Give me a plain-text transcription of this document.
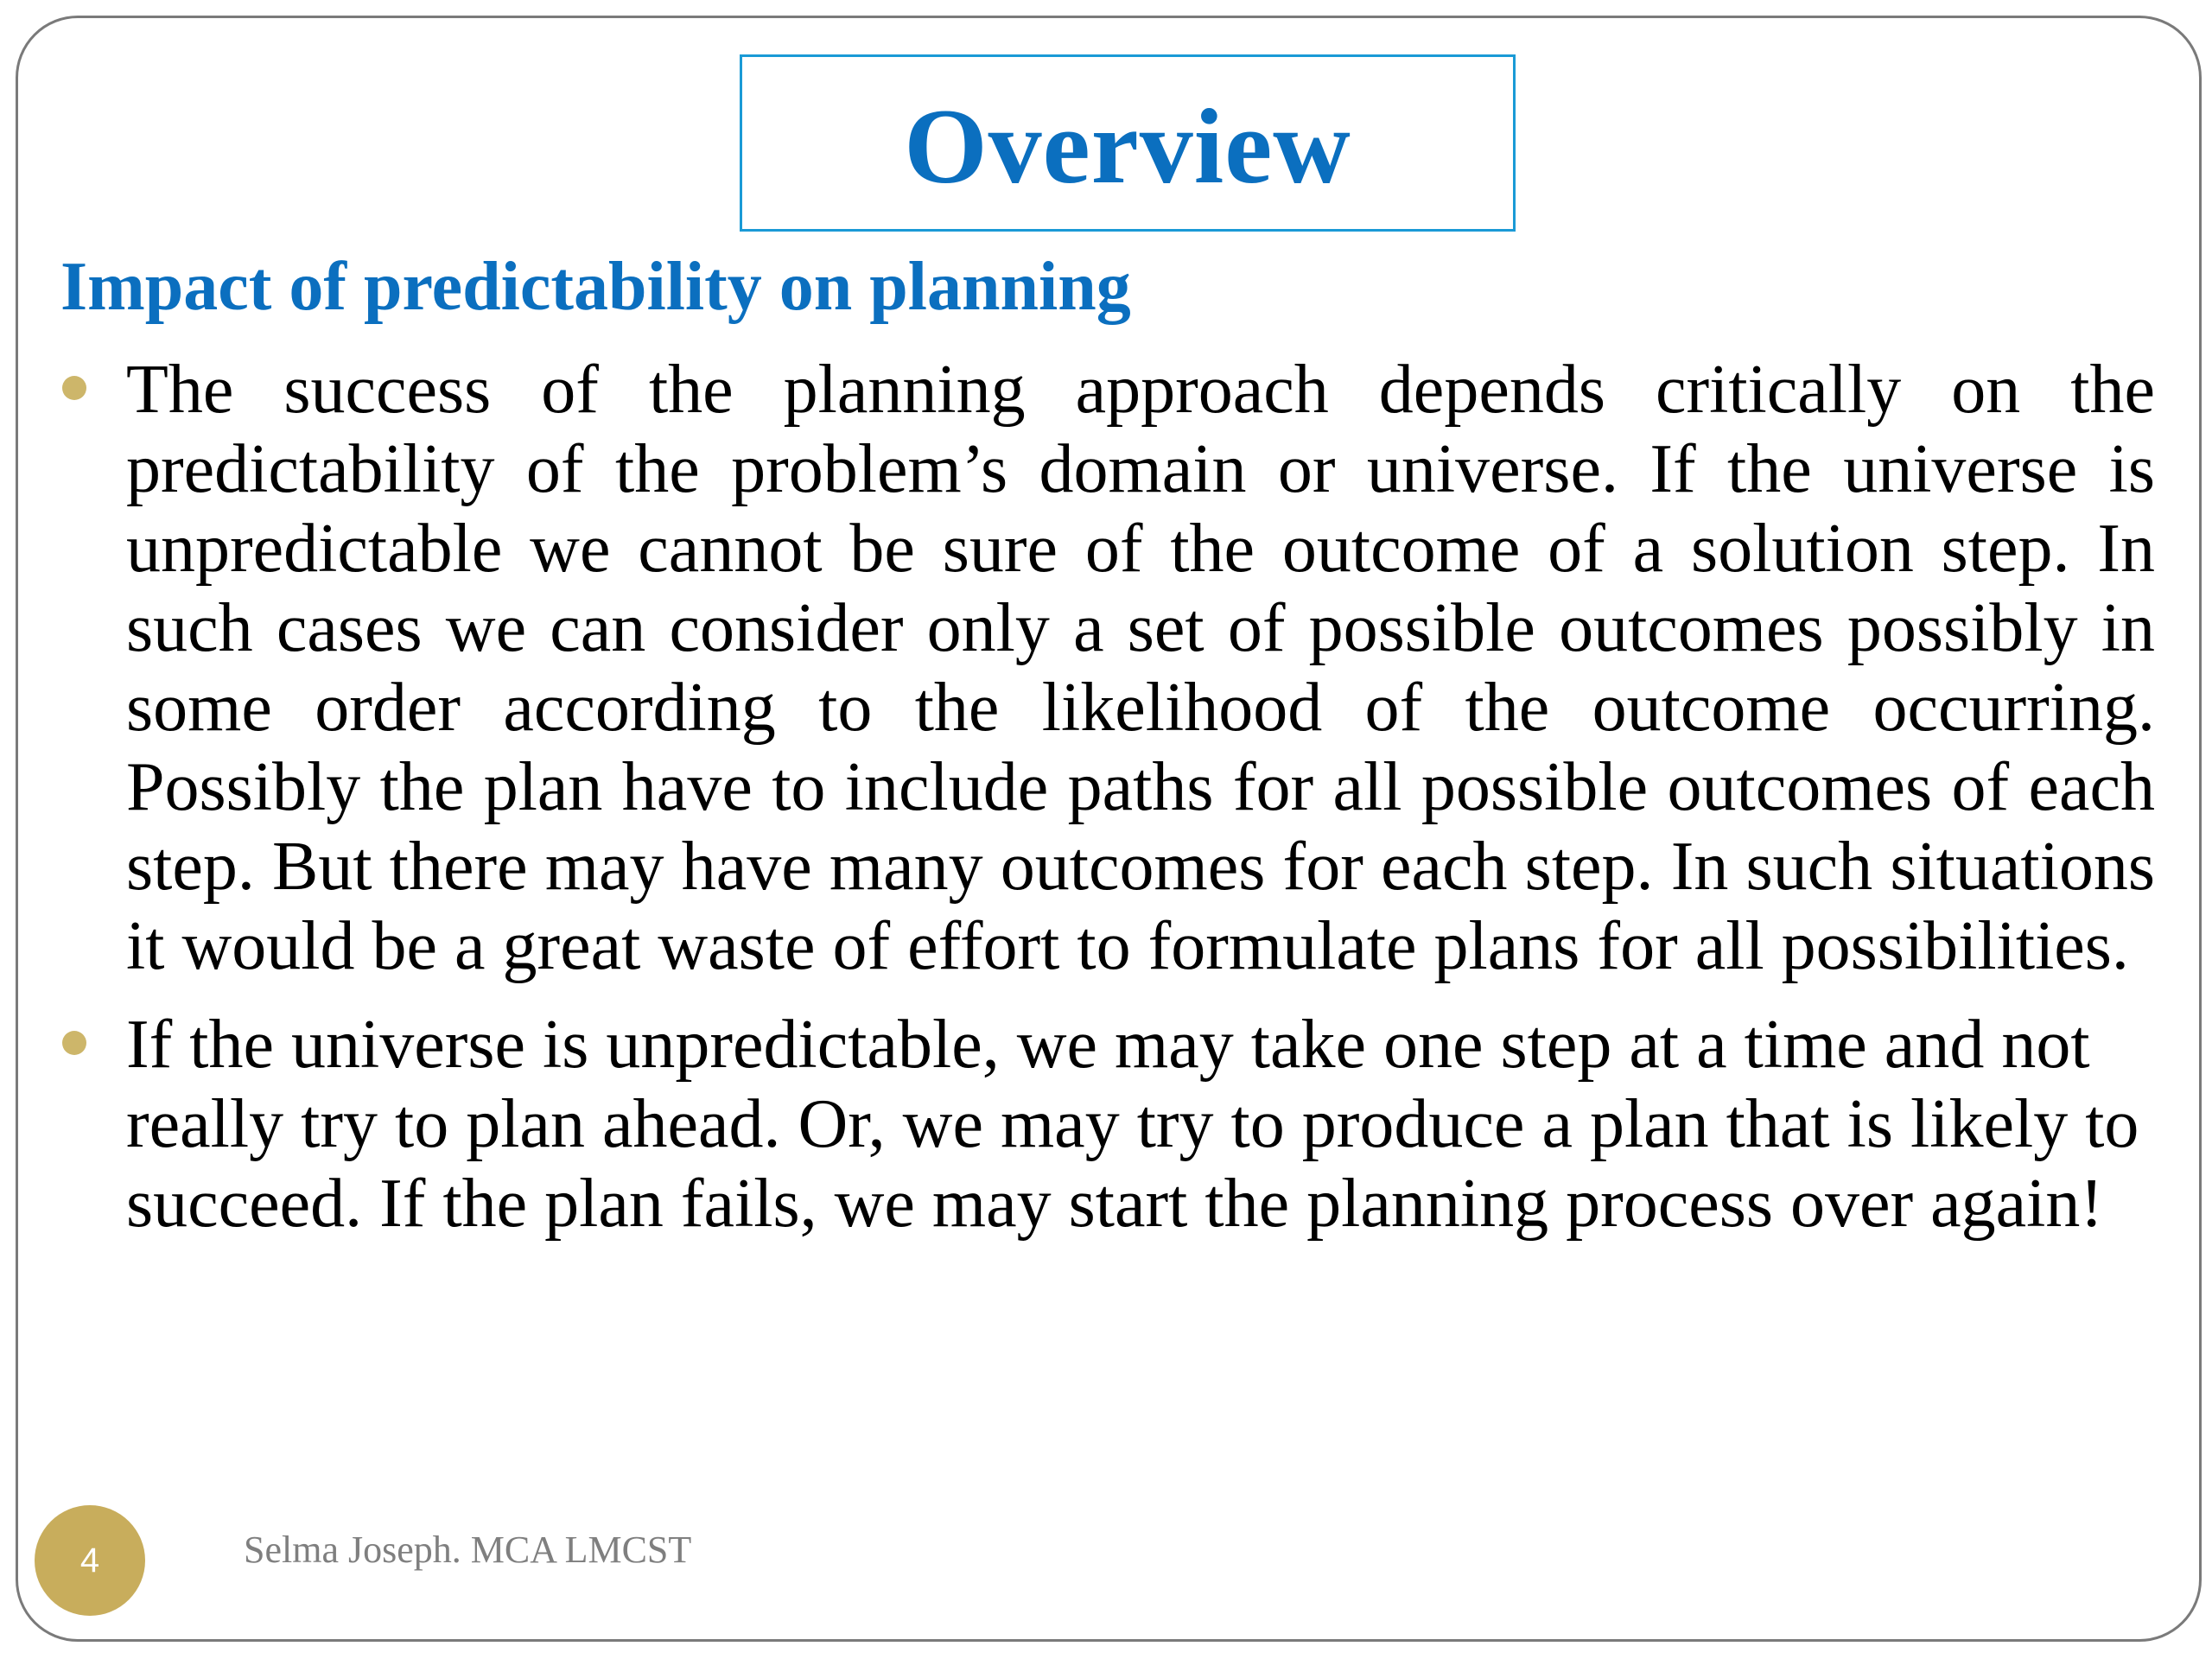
Overview
Impact of predictability on planning
The success of the planning approach depends critically on the predictability of the problem’s domain or universe. If the universe is unpredictable we cannot be sure of the outcome of a solution step. In such cases we can consider only a set of possible outcomes possibly in some order according to the likelihood of the outcome occurring. Possibly the plan have to include paths for all possible outcomes of each step. But there may have many outcomes for each step. In such situations it would be a great waste of effort to formulate plans for all possibilities.
If the universe is unpredictable, we may take one step at a time and not really try to plan ahead. Or, we may try to produce a plan that is likely to succeed. If the plan fails, we may start the planning process over again!
4	Selma Joseph. MCA LMCST
